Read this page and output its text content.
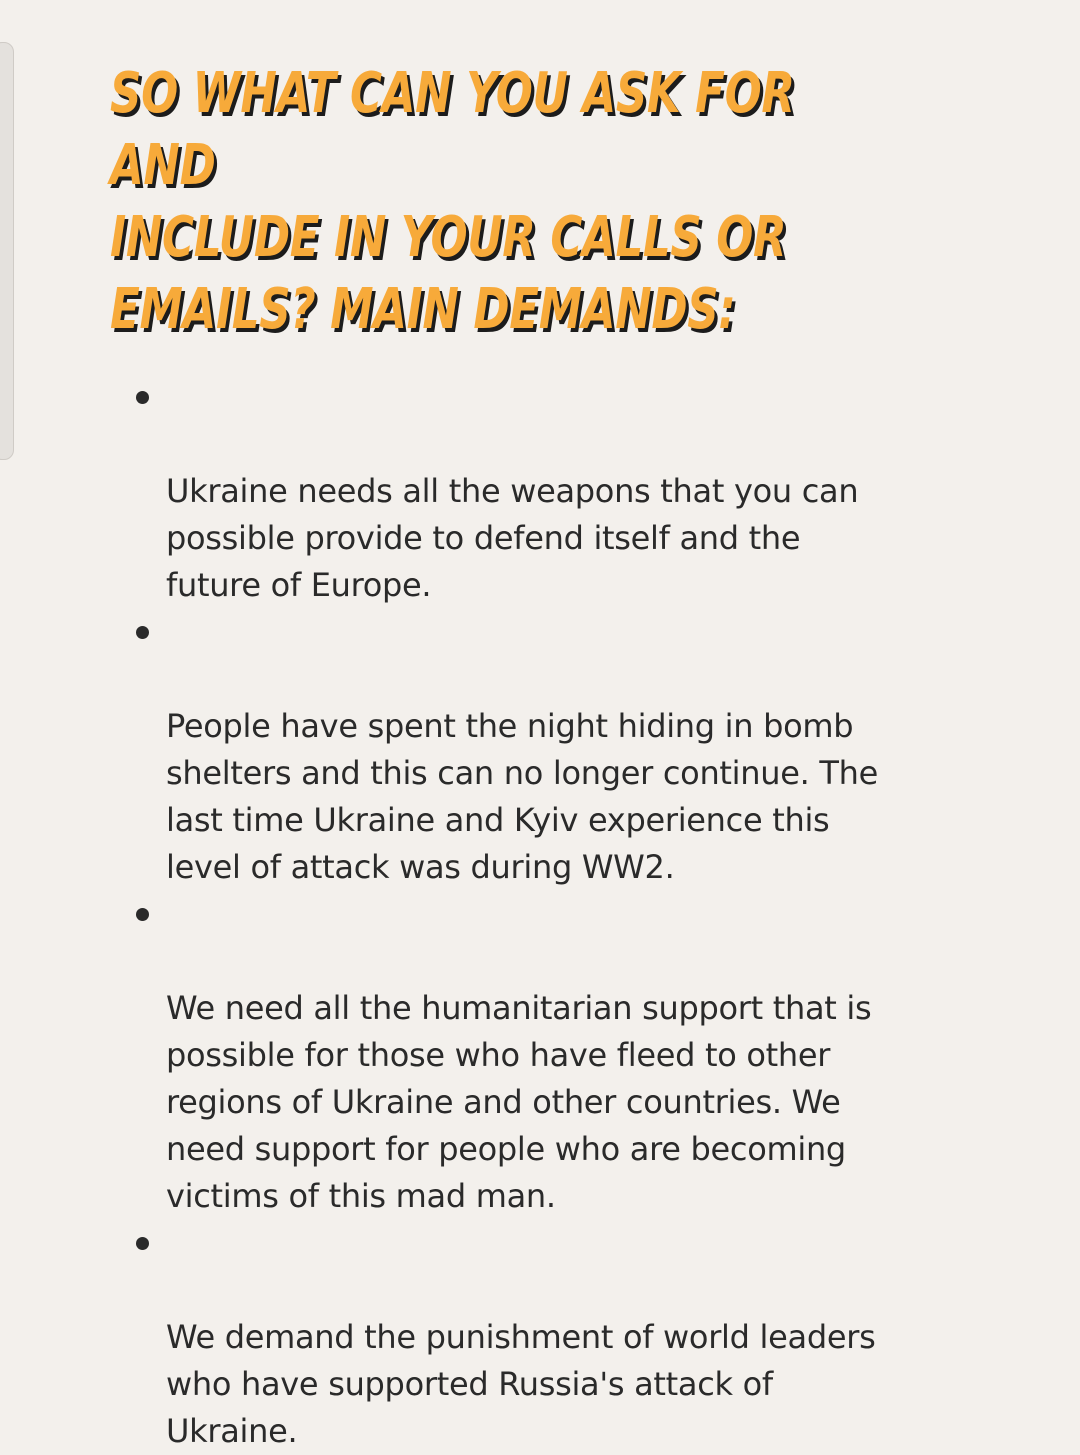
SO WHAT CAN YOU ASK FOR AND
INCLUDE IN YOUR CALLS OR
EMAILS? MAIN DEMANDS:

Ukraine needs all the weapons that you can
possible provide to defend itself and the
future of Europe.

People have spent the night hiding in bomb
shelters and this can no longer continue. The
last time Ukraine and Kyiv experience this
level of attack was during WW2.

We need all the humanitarian support that is
possible for those who have fleed to other
regions of Ukraine and other countries. We
need support for people who are becoming
victims of this mad man.

We demand the punishment of world leaders
who have supported Russia's attack of
Ukraine.
